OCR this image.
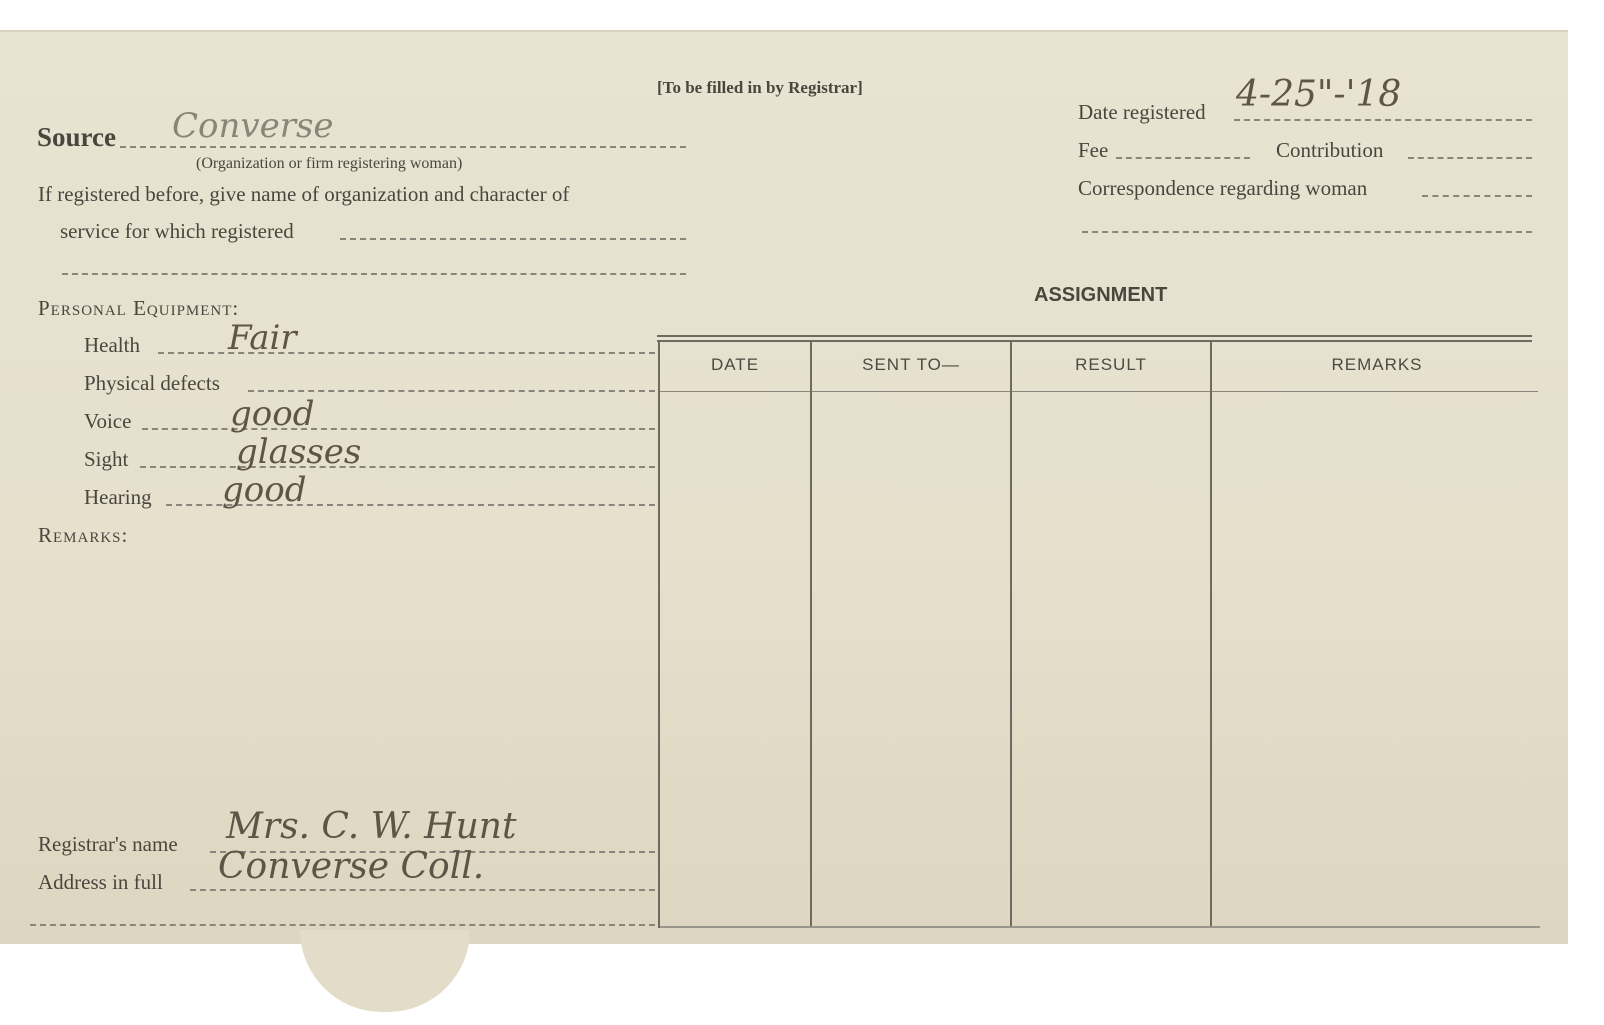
[To be filled in by Registrar]
Source Converse
(Organization or firm registering woman)
If registered before, give name of organization and character of
service for which registered
Personal Equipment:
Health	Fair
Physical defects
Voice	good
Sight	glasses
Hearing good
Remarks:
Registrar's name Mrs. C. W. Hunt
Address in full Converse Coll.
Date registered 4-25"-'18
Fee	Contribution
Correspondence regarding woman
ASSIGNMENT
DATE	SENT TO—	RESULT	REMARKS
